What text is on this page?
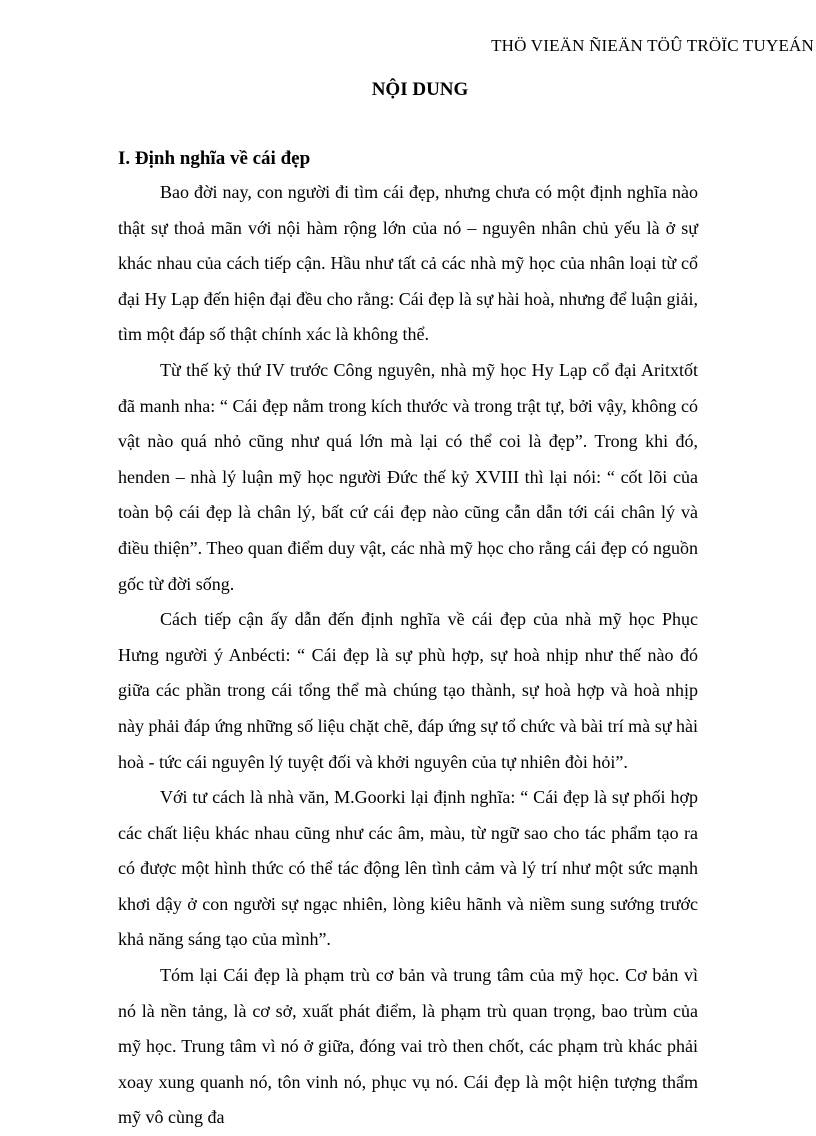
THÖ VIEÄN ÑIEÄN TÖÛ TRÖÏC TUYEÁN
NỘI DUNG
I. Định nghĩa về cái đẹp

Bao đời nay, con người đi tìm cái đẹp, nhưng chưa có một định nghĩa nào thật sự thoả mãn với nội hàm rộng lớn của nó – nguyên nhân chủ yếu là ở sự khác nhau của cách tiếp cận. Hầu như tất cả các nhà mỹ học của nhân loại từ cổ đại Hy Lạp đến hiện đại đều cho rằng: Cái đẹp là sự hài hoà, nhưng để luận giải, tìm một đáp số thật chính xác là không thể.

Từ thế kỷ thứ IV trước Công nguyên, nhà mỹ học Hy Lạp cổ đại Aritxtốt đã manh nha: “ Cái đẹp nằm trong kích thước và trong trật tự, bởi vậy, không có vật nào quá nhỏ cũng như quá lớn mà lại có thể coi là đẹp”. Trong khi đó, henden – nhà lý luận mỹ học người Đức thế kỷ XVIII thì lại nói: “ cốt lõi của toàn bộ cái đẹp là chân lý, bất cứ cái đẹp nào cũng cẫn dẫn tới cái chân lý và điều thiện”. Theo quan điểm duy vật, các nhà mỹ học cho rằng cái đẹp có nguồn gốc từ đời sống.

Cách tiếp cận ấy dẫn đến định nghĩa về cái đẹp của nhà mỹ học Phục Hưng người ý Anbécti: “ Cái đẹp là sự phù hợp, sự hoà nhịp như thế nào đó giữa các phần trong cái tổng thể mà chúng tạo thành, sự hoà hợp và hoà nhịp này phải đáp ứng những số liệu chặt chẽ, đáp ứng sự tổ chức và bài trí mà sự hài hoà - tức cái nguyên lý tuyệt đối và khởi nguyên của tự nhiên đòi hỏi”.

Với tư cách là nhà văn, M.Goorki lại định nghĩa: “ Cái đẹp là sự phối hợp các chất liệu khác nhau cũng như các âm, màu, từ ngữ sao cho tác phẩm tạo ra có được một hình thức có thể tác động lên tình cảm và lý trí như một sức mạnh khơi dậy ở con người sự ngạc nhiên, lòng kiêu hãnh và niềm sung sướng trước khả năng sáng tạo của mình”.

Tóm lại Cái đẹp là phạm trù cơ bản và trung tâm của mỹ học. Cơ bản vì nó là nền tảng, là cơ sở, xuất phát điểm, là phạm trù quan trọng, bao trùm của mỹ học. Trung tâm vì nó ở giữa, đóng vai trò then chốt, các phạm trù khác phải xoay xung quanh nó, tôn vinh nó, phục vụ nó. Cái đẹp là một hiện tượng thẩm mỹ vô cùng đa
